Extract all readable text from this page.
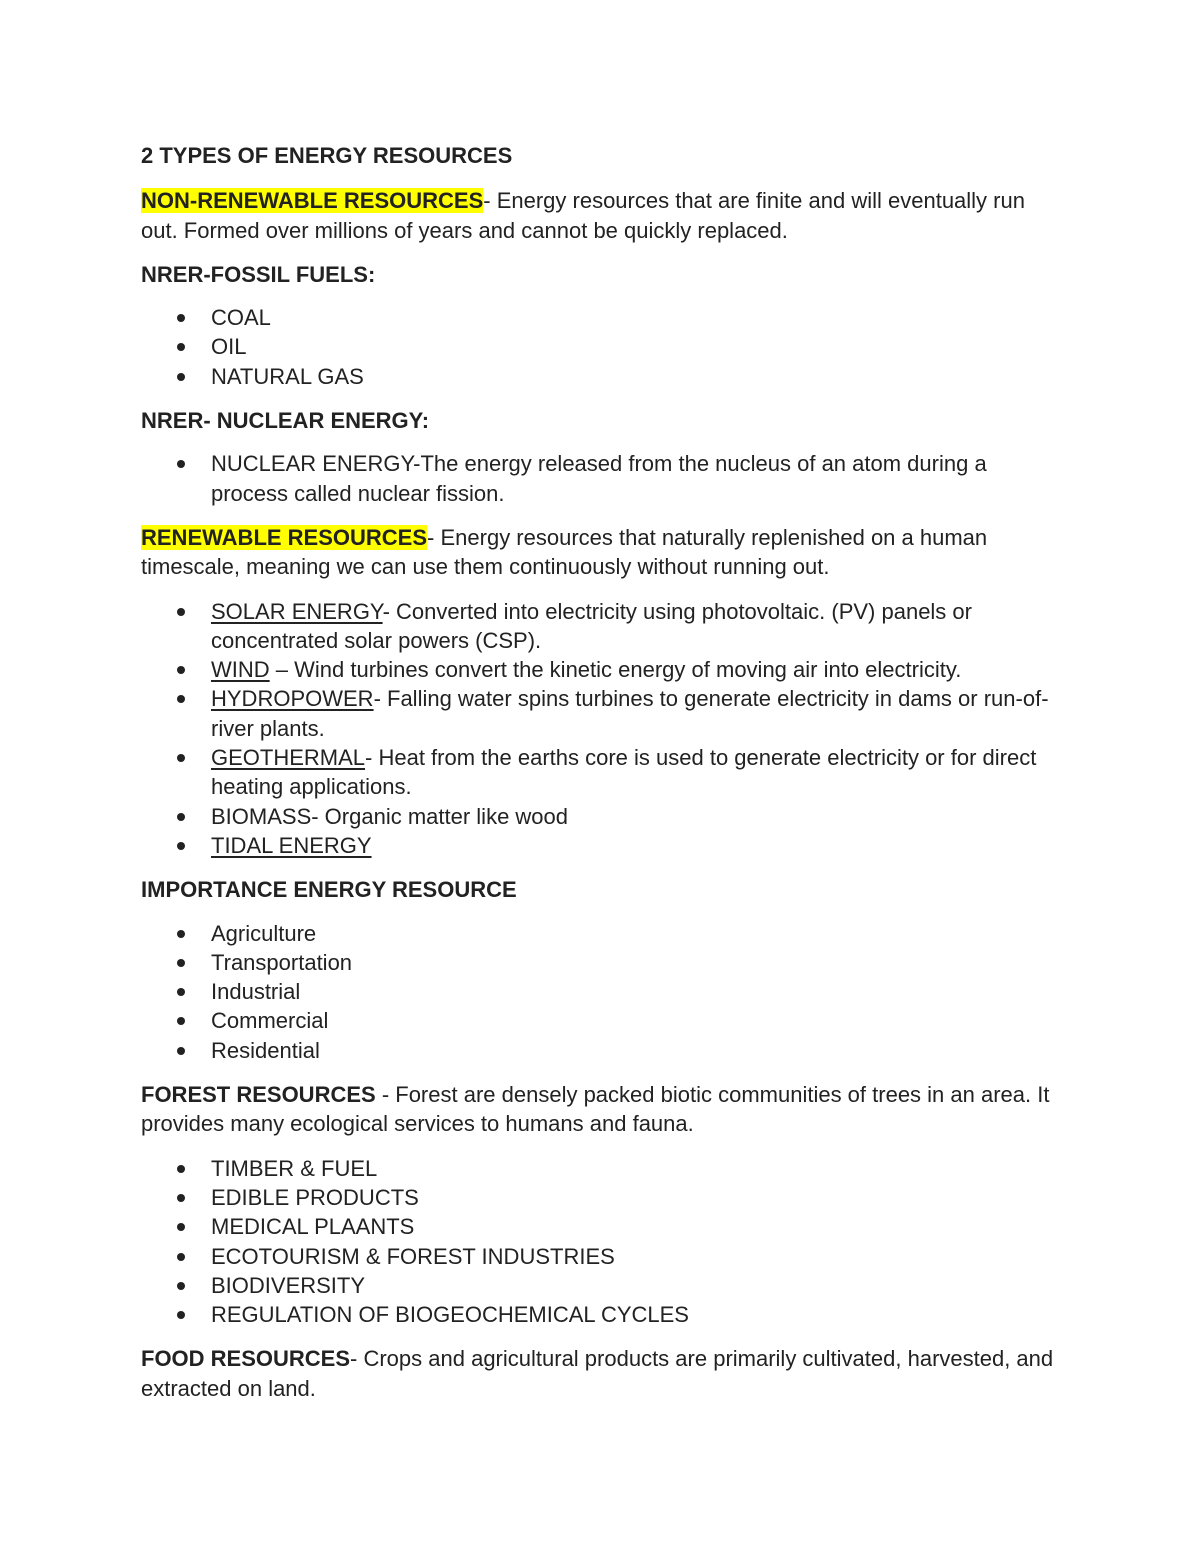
2 TYPES OF ENERGY RESOURCES

NON-RENEWABLE RESOURCES- Energy resources that are finite and will eventually run out. Formed over millions of years and cannot be quickly replaced.

NRER-FOSSIL FUELS:
COAL
OIL
NATURAL GAS
NRER- NUCLEAR ENERGY:
NUCLEAR ENERGY-The energy released from the nucleus of an atom during a process called nuclear fission.

RENEWABLE RESOURCES- Energy resources that naturally replenished on a human timescale, meaning we can use them continuously without running out.

SOLAR ENERGY- Converted into electricity using photovoltaic. (PV) panels or concentrated solar powers (CSP).
WIND – Wind turbines convert the kinetic energy of moving air into electricity.
HYDROPOWER- Falling water spins turbines to generate electricity in dams or run-of-river plants.
GEOTHERMAL- Heat from the earths core is used to generate electricity or for direct heating applications.
BIOMASS- Organic matter like wood
TIDAL ENERGY
IMPORTANCE ENERGY RESOURCE
Agriculture
Transportation
Industrial
Commercial
Residential

FOREST RESOURCES - Forest are densely packed biotic communities of trees in an area. It provides many ecological services to humans and fauna.

TIMBER & FUEL
EDIBLE PRODUCTS
MEDICAL PLAANTS
ECOTOURISM & FOREST INDUSTRIES
BIODIVERSITY
REGULATION OF BIOGEOCHEMICAL CYCLES

FOOD RESOURCES- Crops and agricultural products are primarily cultivated, harvested, and extracted on land.
